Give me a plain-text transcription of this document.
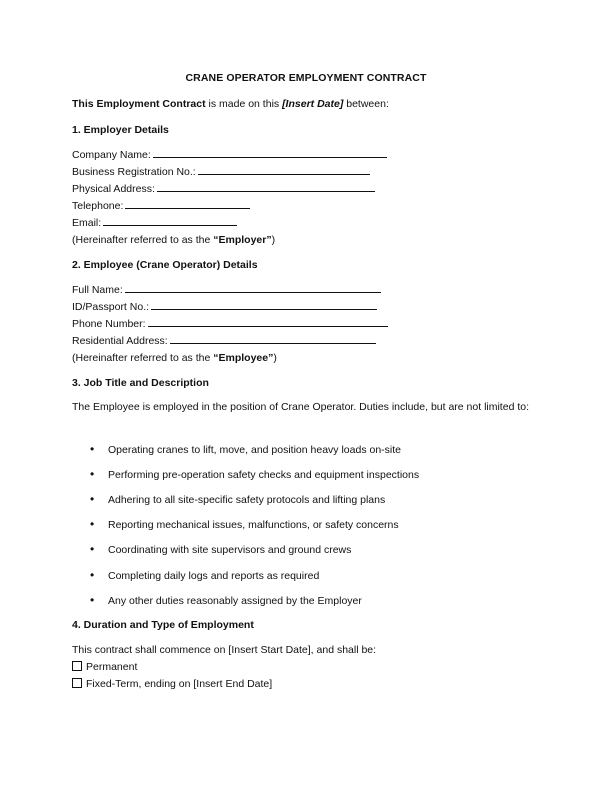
CRANE OPERATOR EMPLOYMENT CONTRACT
This Employment Contract is made on this [Insert Date] between:
1. Employer Details
Company Name:
Business Registration No.:
Physical Address:
Telephone:
Email:
(Hereinafter referred to as the “Employer”)
2. Employee (Crane Operator) Details
Full Name:
ID/Passport No.:
Phone Number:
Residential Address:
(Hereinafter referred to as the “Employee”)
3. Job Title and Description
The Employee is employed in the position of Crane Operator. Duties include, but are not limited to:
• Operating cranes to lift, move, and position heavy loads on-site
• Performing pre-operation safety checks and equipment inspections
• Adhering to all site-specific safety protocols and lifting plans
• Reporting mechanical issues, malfunctions, or safety concerns
• Coordinating with site supervisors and ground crews
• Completing daily logs and reports as required
• Any other duties reasonably assigned by the Employer
4. Duration and Type of Employment
This contract shall commence on [Insert Start Date], and shall be:
Permanent
Fixed-Term, ending on [Insert End Date]
